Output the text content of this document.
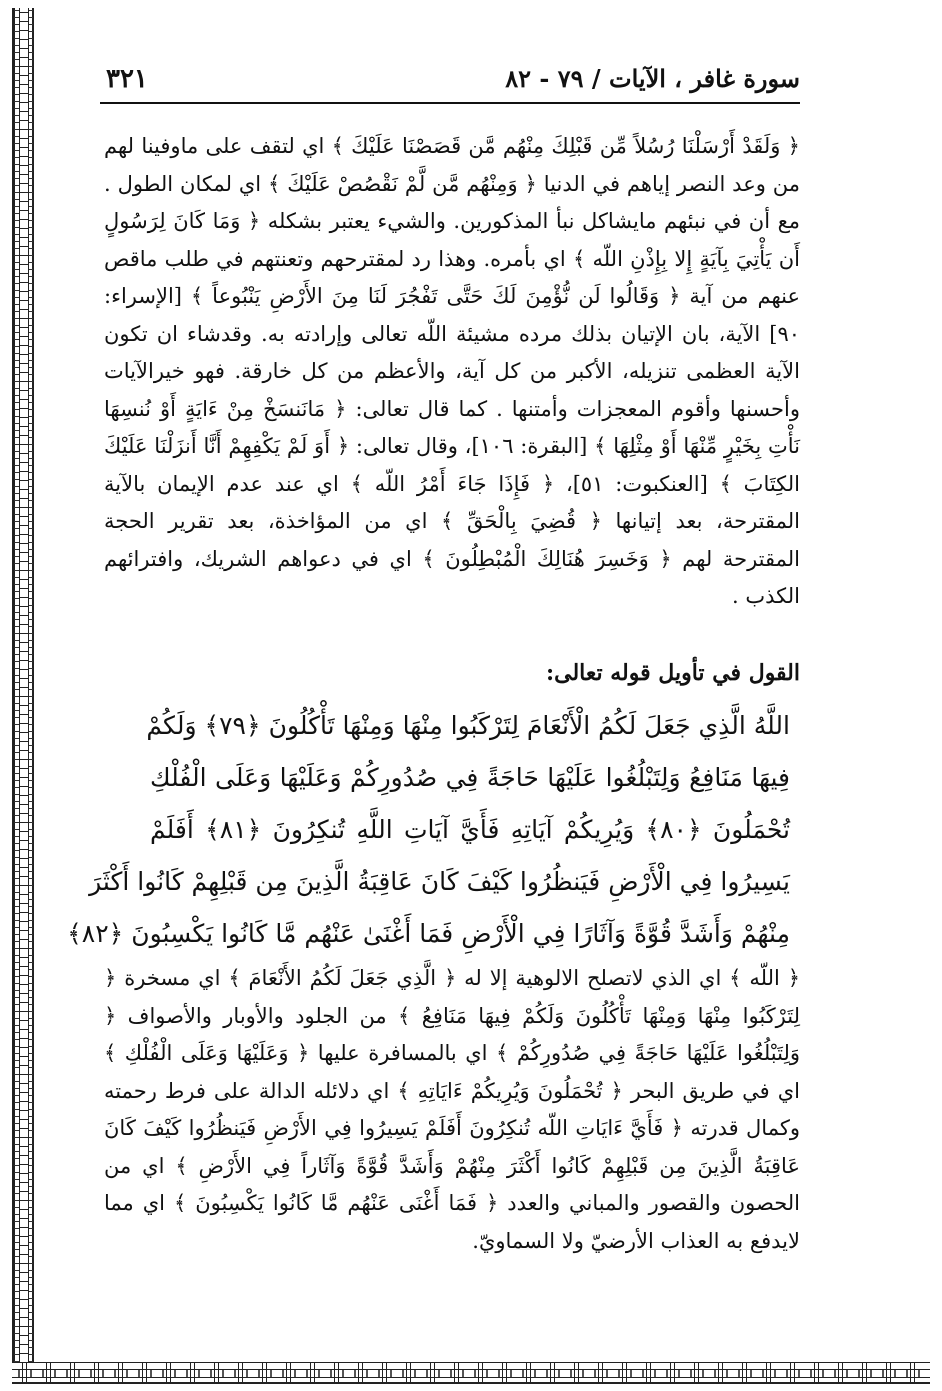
٣٢١	سورة غافر ، الآيات / ٧٩ - ٨٢
﴿ وَلَقَدْ أَرْسَلْنَا رُسُلاً مِّن قَبْلِكَ مِنْهُم مَّن قَصَصْنَا عَلَيْكَ ﴾ اي لتقف على ماوفينا لهم من وعد النصر إياهم في الدنيا ﴿ وَمِنْهُم مَّن لَّمْ نَقْصُصْ عَلَيْكَ ﴾ اي لمكان الطول . مع أن في نبئهم مايشاكل نبأ المذكورين. والشيء يعتبر بشكله ﴿ وَمَا كَانَ لِرَسُولٍ أَن يَأْتِيَ بِآيَةٍ إِلا بِإِذْنِ اللّه ﴾ اي بأمره. وهذا رد لمقترحهم وتعنتهم في طلب ماقص عنهم من آية ﴿ وَقَالُوا لَن نُّؤْمِنَ لَكَ حَتَّى تَفْجُرَ لَنَا مِنَ الأَرْضِ يَنْبُوعاً ﴾ [الإسراء: ٩٠] الآية، بان الإتيان بذلك مرده مشيئة اللّه تعالى وإرادته به. وقدشاء ان تكون الآية العظمى تنزيله، الأكبر من كل آية، والأعظم من كل خارقة. فهو خيرالآيات وأحسنها وأقوم المعجزات وأمتنها . كما قال تعالى: ﴿ مَانَنسَخْ مِنْ ءَايَةٍ أَوْ نُنسِهَا نَأْتِ بِخَيْرٍ مِّنْهَا أَوْ مِثْلِهَا ﴾ [البقرة: ١٠٦]، وقال تعالى: ﴿ أَوَ لَمْ يَكْفِهِمْ أَنَّا أَنزَلْنَا عَلَيْكَ الكِتَابَ ﴾ [العنكبوت: ٥١]، ﴿ فَإِذَا جَاءَ أَمْرُ اللّه ﴾ اي عند عدم الإيمان بالآية المقترحة، بعد إتيانها ﴿ قُضِيَ بِالْحَقِّ ﴾ اي من المؤاخذة، بعد تقرير الحجة المقترحة لهم ﴿ وَخَسِرَ هُنَالِكَ الْمُبْطِلُونَ ﴾ اي في دعواهم الشريك، وافترائهم الكذب .
القول في تأويل قوله تعالى:
اللَّهُ الَّذِي جَعَلَ لَكُمُ الْأَنْعَامَ لِتَرْكَبُوا مِنْهَا وَمِنْهَا تَأْكُلُونَ ﴿٧٩﴾ وَلَكُمْ
فِيهَا مَنَافِعُ وَلِتَبْلُغُوا عَلَيْهَا حَاجَةً فِي صُدُورِكُمْ وَعَلَيْهَا وَعَلَى الْفُلْكِ
تُحْمَلُونَ ﴿٨٠﴾ وَيُرِيكُمْ آيَاتِهِ فَأَيَّ آيَاتِ اللَّهِ تُنكِرُونَ ﴿٨١﴾ أَفَلَمْ
يَسِيرُوا فِي الْأَرْضِ فَيَنظُرُوا كَيْفَ كَانَ عَاقِبَةُ الَّذِينَ مِن قَبْلِهِمْ كَانُوا أَكْثَرَ
مِنْهُمْ وَأَشَدَّ قُوَّةً وَآثَارًا فِي الْأَرْضِ فَمَا أَغْنَىٰ عَنْهُم مَّا كَانُوا يَكْسِبُونَ ﴿٨٢﴾
﴿ اللّه ﴾ اي الذي لاتصلح الالوهية إلا له ﴿ الَّذِي جَعَلَ لَكُمُ الأَنْعَامَ ﴾ اي مسخرة ﴿ لِتَرْكَبُوا مِنْهَا وَمِنْهَا تَأْكُلُونَ وَلَكُمْ فِيهَا مَنَافِعُ ﴾ من الجلود والأوبار والأصواف ﴿ وَلِتَبْلُغُوا عَلَيْهَا حَاجَةً فِي صُدُورِكُمْ ﴾ اي بالمسافرة عليها ﴿ وَعَلَيْهَا وَعَلَى الْفُلْكِ ﴾ اي في طريق البحر ﴿ تُحْمَلُونَ وَيُرِيكُمْ ءَايَاتِهِ ﴾ اي دلائله الدالة على فرط رحمته وكمال قدرته ﴿ فَأَيَّ ءَايَاتِ اللّه تُنكِرُونَ أَفَلَمْ يَسِيرُوا فِي الأَرْضِ فَيَنظُرُوا كَيْفَ كَانَ عَاقِبَةُ الَّذِينَ مِن قَبْلِهِمْ كَانُوا أَكْثَرَ مِنْهُمْ وَأَشَدَّ قُوَّةً وَآثَاراً فِي الأَرْضِ ﴾ اي من الحصون والقصور والمباني والعدد ﴿ فَمَا أَغْنَى عَنْهُم مَّا كَانُوا يَكْسِبُونَ ﴾ اي مما لايدفع به العذاب الأرضيّ ولا السماويّ.
